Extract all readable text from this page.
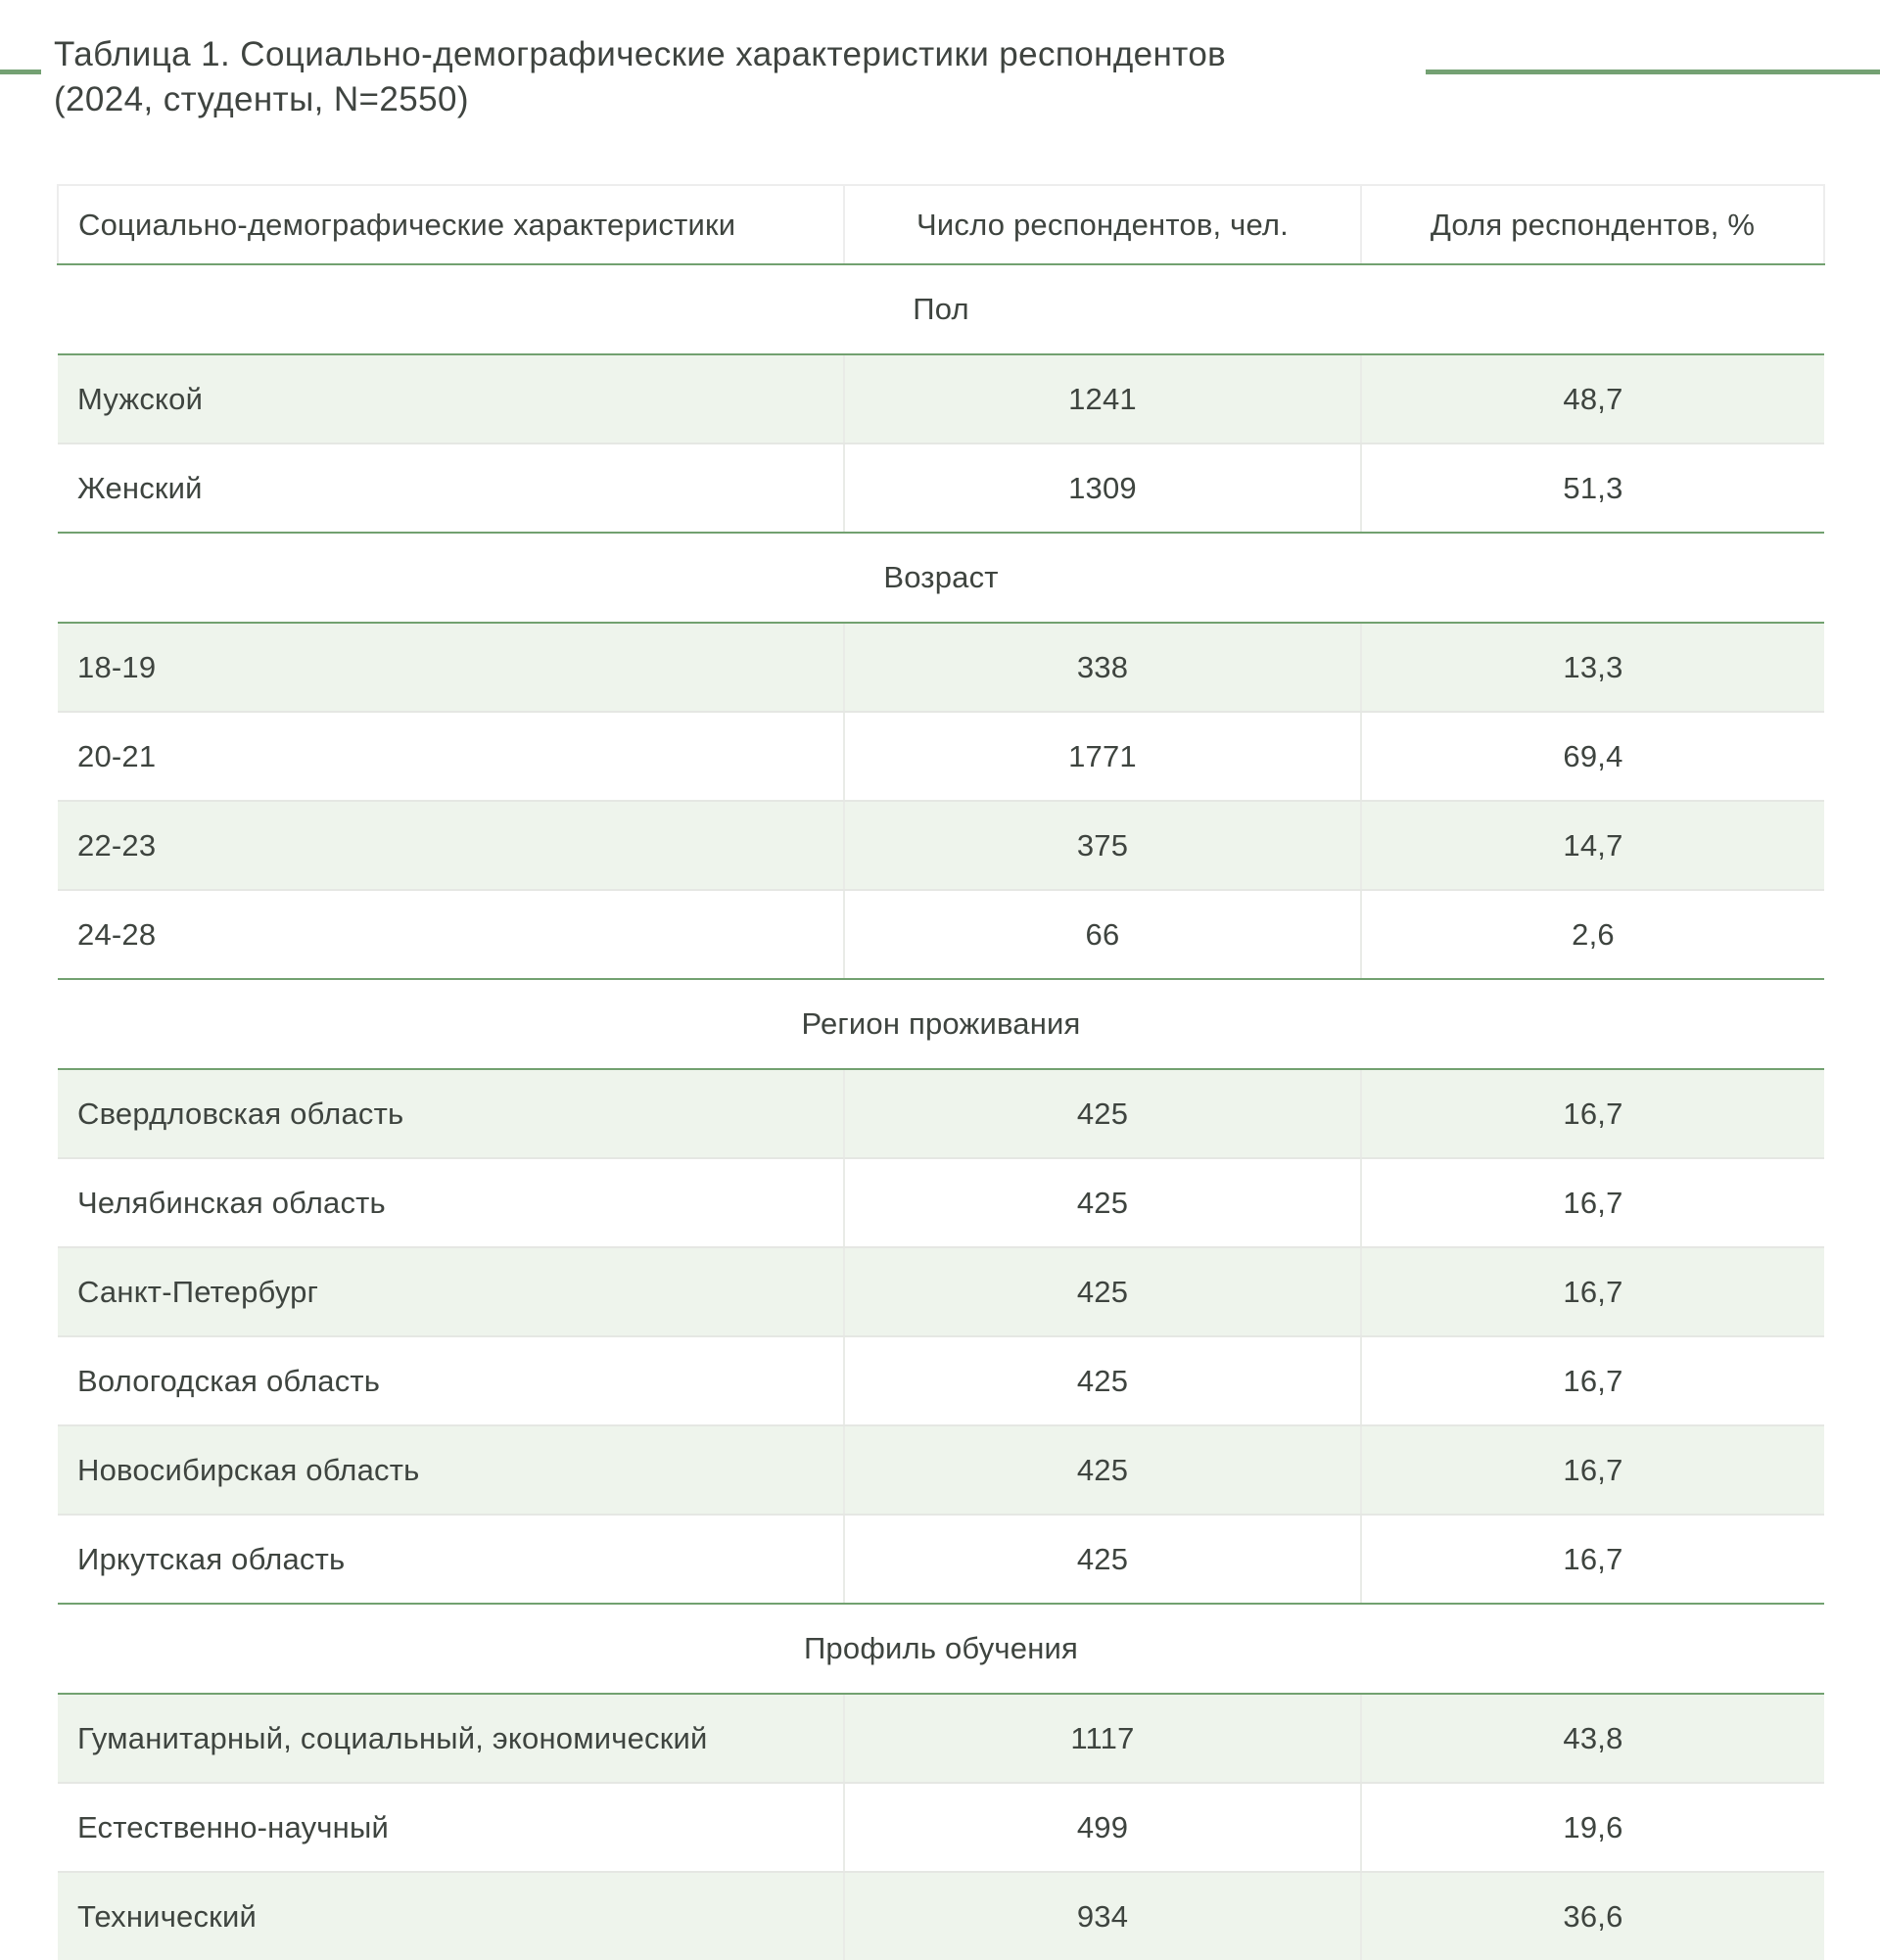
Таблица 1. Социально-демографические характеристики респондентов
(2024, студенты, N=2550)
Социально-демографические характеристики	Число респондентов, чел.	Доля респондентов, %
Пол		
Мужской	1241	48,7
Женский	1309	51,3
Возраст		
18-19	338	13,3
20-21	1771	69,4
22-23	375	14,7
24-28	66	2,6
Регион проживания		
Свердловская область	425	16,7
Челябинская область	425	16,7
Санкт-Петербург	425	16,7
Вологодская область	425	16,7
Новосибирская область	425	16,7
Иркутская область	425	16,7
Профиль обучения		
Гуманитарный, социальный, экономический	1117	43,8
Естественно-научный	499	19,6
Технический	934	36,6
